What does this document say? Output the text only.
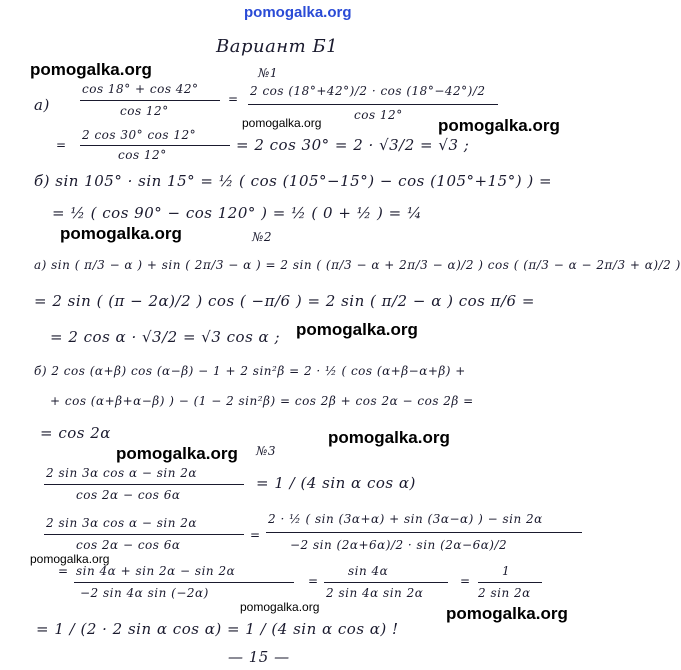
pomogalka.org
pomogalka.org
pomogalka.org	pomogalka.org
pomogalka.org
pomogalka.org
pomogalka.org
pomogalka.org
pomogalka.org
pomogalka.org	pomogalka.org
Вариант Б1
№1
а)
cos 18° + cos 42°
cos 12°
=
2 cos (18°+42°)/2 · cos (18°−42°)/2
cos 12°
=
2 cos 30° cos 12°
cos 12°
= 2 cos 30° = 2 · √3/2 = √3 ;
б) sin 105° · sin 15° = ½ ( cos (105°−15°) − cos (105°+15°) ) =
= ½ ( cos 90° − cos 120° ) = ½ ( 0 + ½ ) = ¼
№2
а) sin ( π/3 − α ) + sin ( 2π/3 − α ) = 2 sin ( (π/3 − α + 2π/3 − α)/2 ) cos ( (π/3 − α − 2π/3 + α)/2 )
= 2 sin ( (π − 2α)/2 ) cos ( −π/6 ) = 2 sin ( π/2 − α ) cos π/6 =
= 2 cos α · √3/2 = √3 cos α ;
б) 2 cos (α+β) cos (α−β) − 1 + 2 sin²β = 2 · ½ ( cos (α+β−α+β) +
+ cos (α+β+α−β) ) − (1 − 2 sin²β) = cos 2β + cos 2α − cos 2β =
= cos 2α
№3
2 sin 3α cos α − sin 2α
cos 2α − cos 6α
= 1 / (4 sin α cos α)
2 sin 3α cos α − sin 2α
cos 2α − cos 6α
=
2 · ½ ( sin (3α+α) + sin (3α−α) ) − sin 2α
−2 sin (2α+6α)/2 · sin (2α−6α)/2
= sin 4α + sin 2α − sin 2α
−2 sin 4α sin (−2α)
=
sin 4α
2 sin 4α sin 2α
=
1
2 sin 2α
= 1 / (2 · 2 sin α cos α) = 1 / (4 sin α cos α) !
— 15 —
